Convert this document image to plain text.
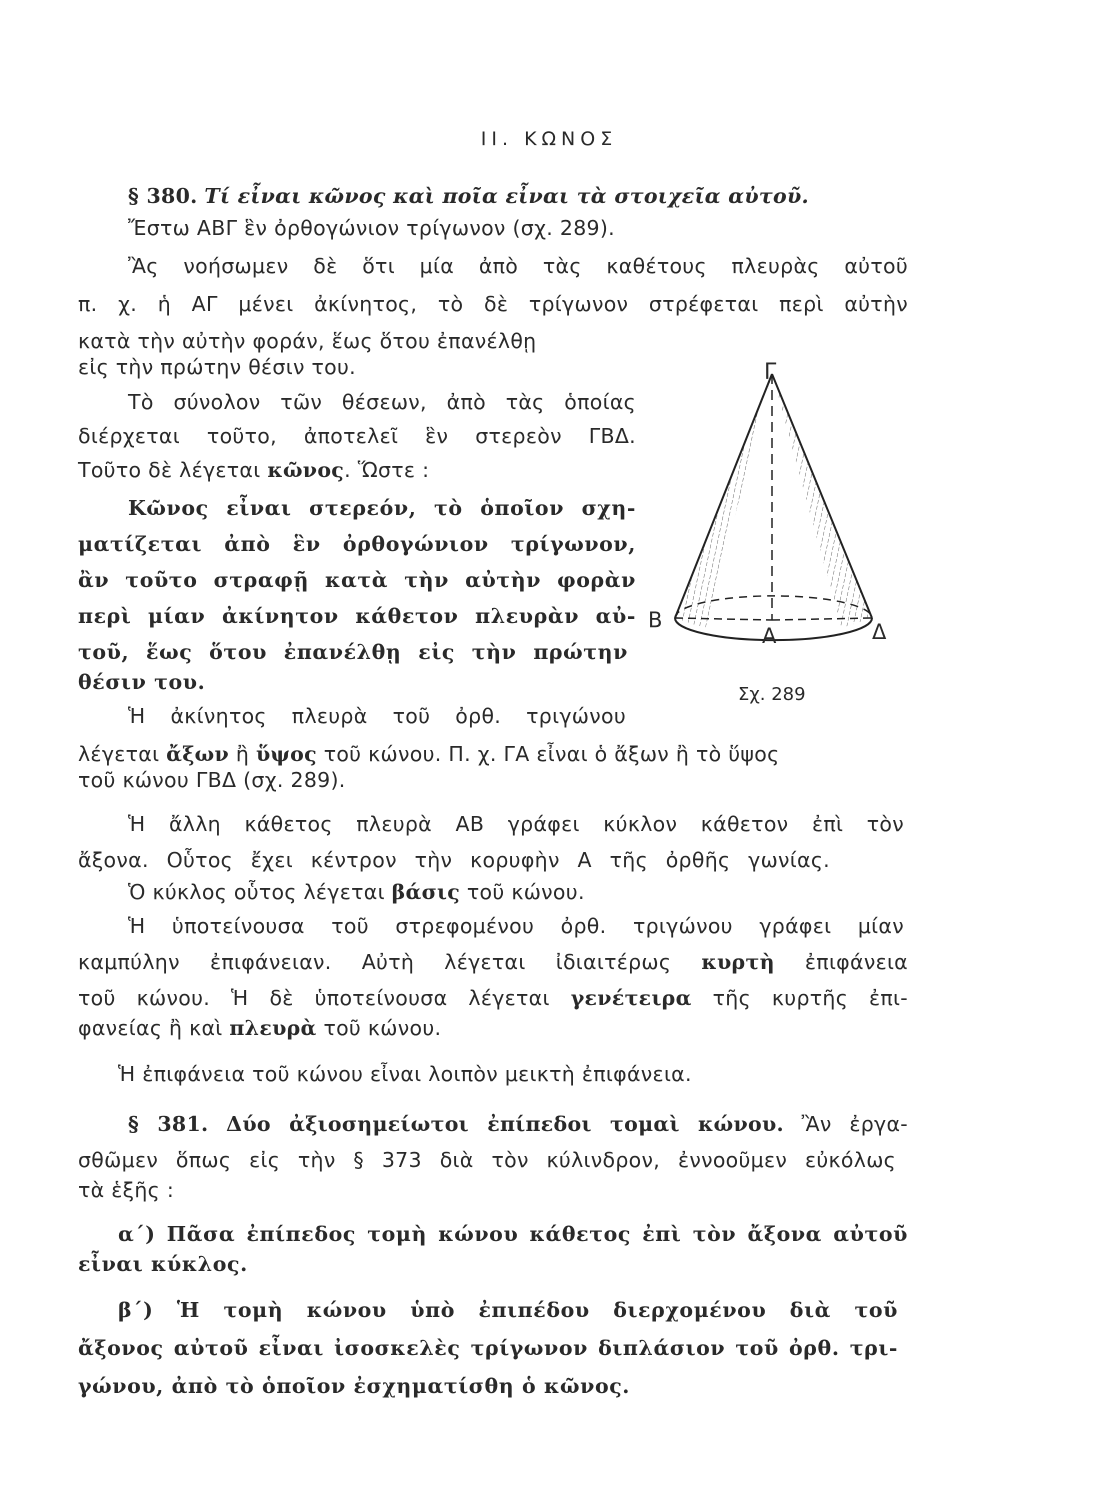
ΙΙ. ΚΩΝΟΣ
§ 380. Τί εἶναι κῶνος καὶ ποῖα εἶναι τὰ στοιχεῖα αὐτοῦ.
Ἔστω ΑΒΓ ἓν ὀρθογώνιον τρίγωνον (σχ. 289).
Ἂς νοήσωμεν δὲ ὅτι μία ἀπὸ τὰς καθέτους πλευρὰς αὐτοῦ
π. χ. ἡ ΑΓ μένει ἀκίνητος, τὸ δὲ τρίγωνον στρέφεται περὶ αὐτὴν
κατὰ τὴν αὐτὴν φοράν, ἕως ὅτου ἐπανέλθῃ
εἰς τὴν πρώτην θέσιν του.
Τὸ σύνολον τῶν θέσεων, ἀπὸ τὰς ὁποίας
διέρχεται τοῦτο, ἀποτελεῖ ἓν στερεὸν ΓΒΔ.
Τοῦτο δὲ λέγεται κῶνος. Ὥστε :
Κῶνος εἶναι στερεόν, τὸ ὁποῖον σχη-
ματίζεται ἀπὸ ἓν ὀρθογώνιον τρίγωνον,
ἂν τοῦτο στραφῇ κατὰ τὴν αὐτὴν φορὰν
περὶ μίαν ἀκίνητον κάθετον πλευρὰν αὐ-
τοῦ, ἕως ὅτου ἐπανέλθῃ εἰς τὴν πρώτην
θέσιν του.
Ἡ ἀκίνητος πλευρὰ τοῦ ὀρθ. τριγώνου
λέγεται ἄξων ἢ ὕψος τοῦ κώνου. Π. χ. ΓΑ εἶναι ὁ ἄξων ἢ τὸ ὕψος
τοῦ κώνου ΓΒΔ (σχ. 289).
Ἡ ἄλλη κάθετος πλευρὰ ΑΒ γράφει κύκλον κάθετον ἐπὶ τὸν
ἄξονα. Οὗτος ἔχει κέντρον τὴν κορυφὴν Α τῆς ὀρθῆς γωνίας.
Ὁ κύκλος οὗτος λέγεται βάσις τοῦ κώνου.
Ἡ ὑποτείνουσα τοῦ στρεφομένου ὀρθ. τριγώνου γράφει μίαν
καμπύλην ἐπιφάνειαν. Αὐτὴ λέγεται ἰδιαιτέρως κυρτὴ ἐπιφάνεια
τοῦ κώνου. Ἡ δὲ ὑποτείνουσα λέγεται γενέτειρα τῆς κυρτῆς ἐπι-
φανείας ἢ καὶ πλευρὰ τοῦ κώνου.
Ἡ ἐπιφάνεια τοῦ κώνου εἶναι λοιπὸν μεικτὴ ἐπιφάνεια.
§ 381. Δύο ἀξιοσημείωτοι ἐπίπεδοι τομαὶ κώνου. Ἂν ἐργα-
σθῶμεν ὅπως εἰς τὴν § 373 διὰ τὸν κύλινδρον, ἐννοοῦμεν εὐκόλως
τὰ ἑξῆς :
α΄) Πᾶσα ἐπίπεδος τομὴ κώνου κάθετος ἐπὶ τὸν ἄξονα αὐτοῦ
εἶναι κύκλος.
β΄) Ἡ τομὴ κώνου ὑπὸ ἐπιπέδου διερχομένου διὰ τοῦ
ἄξονος αὐτοῦ εἶναι ἰσοσκελὲς τρίγωνον διπλάσιον τοῦ ὀρθ. τρι-
γώνου, ἀπὸ τὸ ὁποῖον ἐσχηματίσθη ὁ κῶνος.
Γ
Β
Α	Δ
Σχ. 289
